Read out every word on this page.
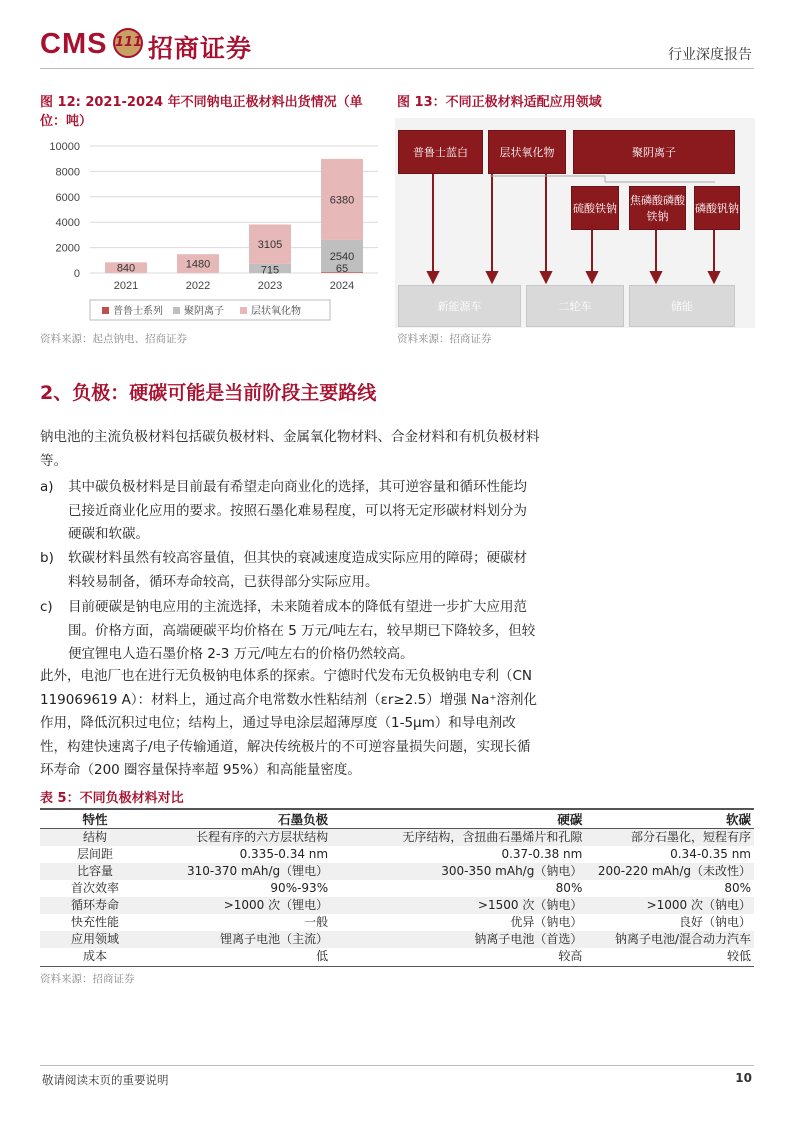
CMS 111 招商证券	行业深度报告
图 12: 2021-2024 年不同钠电正极材料出货情况（单位：吨）
0
2000
4000
6000
8000
10000
2021
840
2022
1480
2023
3105
715
2024
6380
2540
65
普鲁士系列 聚阴离子	层状氧化物
资料来源：起点钠电、招商证券
图 13：不同正极材料适配应用领域
普鲁士蓝白	层状氧化物	聚阴离子
硫酸铁钠
焦磷酸磷酸铁钠
磷酸钒钠
新能源车	二轮车	储能
资料来源：招商证券
2、负极：硬碳可能是当前阶段主要路线
钠电池的主流负极材料包括碳负极材料、金属氧化物材料、合金材料和有机负极材料等。
a) 其中碳负极材料是目前最有希望走向商业化的选择，其可逆容量和循环性能均已接近商业化应用的要求。按照石墨化难易程度，可以将无定形碳材料划分为硬碳和软碳。
b) 软碳材料虽然有较高容量值，但其快的衰减速度造成实际应用的障碍；硬碳材料较易制备，循环寿命较高，已获得部分实际应用。
c) 目前硬碳是钠电应用的主流选择，未来随着成本的降低有望进一步扩大应用范围。价格方面，高端硬碳平均价格在 5 万元/吨左右，较早期已下降较多，但较便宜锂电人造石墨价格 2-3 万元/吨左右的价格仍然较高。
此外，电池厂也在进行无负极钠电体系的探索。宁德时代发布无负极钠电专利（CN 119069619 A）：材料上，通过高介电常数水性粘结剂（εr≥2.5）增强 Na⁺溶剂化作用，降低沉积过电位；结构上，通过导电涂层超薄厚度（1-5μm）和导电剂改性，构建快速离子/电子传输通道，解决传统极片的不可逆容量损失问题，实现长循环寿命（200 圈容量保持率超 95%）和高能量密度。
表 5：不同负极材料对比
特性	石墨负极	硬碳	软碳
结构	长程有序的六方层状结构	无序结构，含扭曲石墨烯片和孔隙	部分石墨化，短程有序
层间距	0.335-0.34 nm	0.37-0.38 nm	0.34-0.35 nm
比容量	310-370 mAh/g（锂电）	300-350 mAh/g（钠电）	200-220 mAh/g（未改性）
首次效率	90%-93%	80%	80%
循环寿命	>1000 次（锂电）	>1500 次（钠电）	>1000 次（钠电）
快充性能	一般	优异（钠电）	良好（钠电）
应用领域	锂离子电池（主流）	钠离子电池（首选）	钠离子电池/混合动力汽车
成本	低	较高	较低
资料来源：招商证券
敬请阅读末页的重要说明	10
